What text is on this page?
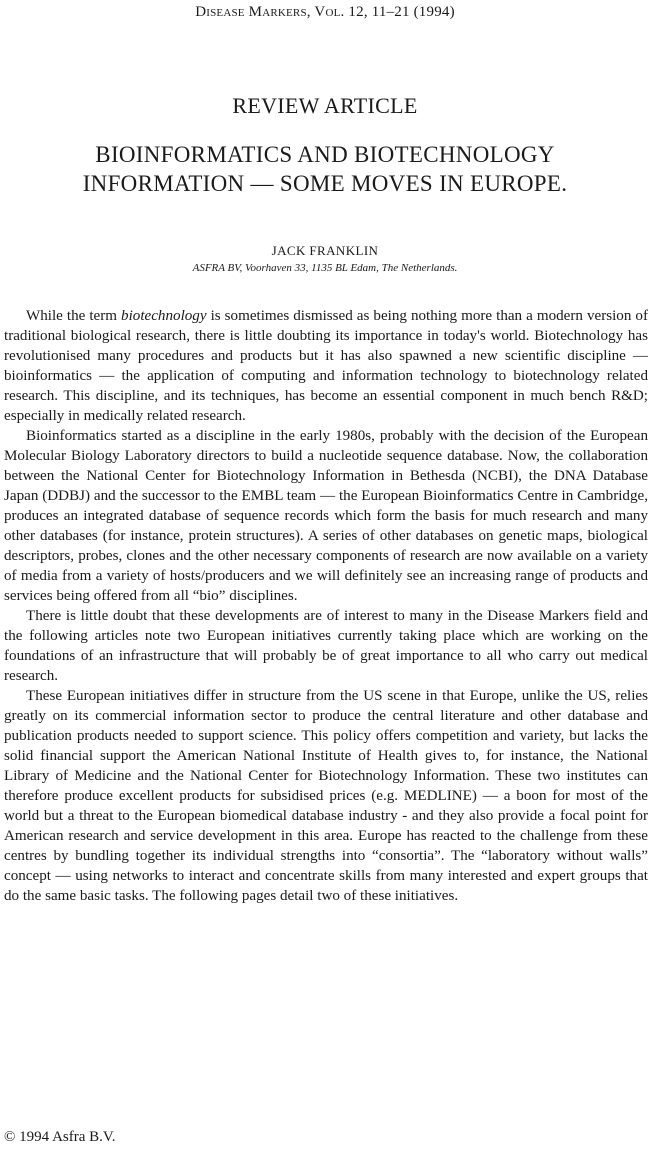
Disease Markers, Vol. 12, 11–21 (1994)
REVIEW ARTICLE
BIOINFORMATICS AND BIOTECHNOLOGY
INFORMATION — SOME MOVES IN EUROPE.
JACK FRANKLIN
ASFRA BV, Voorhaven 33, 1135 BL Edam, The Netherlands.

While the term biotechnology is sometimes dismissed as being nothing more than a modern version of traditional biological research, there is little doubting its importance in today's world. Biotechnology has revolutionised many procedures and products but it has also spawned a new scientific discipline — bioinformatics — the application of computing and information technology to biotechnology related research. This discipline, and its techniques, has become an essential component in much bench R&D; especially in medically related research.

Bioinformatics started as a discipline in the early 1980s, probably with the decision of the European Molecular Biology Laboratory directors to build a nucleotide sequence database. Now, the collaboration between the National Center for Biotechnology Information in Bethesda (NCBI), the DNA Database Japan (DDBJ) and the successor to the EMBL team — the European Bioinformatics Centre in Cambridge, produces an integrated database of sequence records which form the basis for much research and many other databases (for instance, protein structures). A series of other databases on genetic maps, biological descriptors, probes, clones and the other necessary components of research are now available on a variety of media from a variety of hosts/producers and we will definitely see an increasing range of products and services being offered from all “bio” disciplines.

There is little doubt that these developments are of interest to many in the Disease Markers field and the following articles note two European initiatives currently taking place which are working on the foundations of an infrastructure that will probably be of great importance to all who carry out medical research.

These European initiatives differ in structure from the US scene in that Europe, unlike the US, relies greatly on its commercial information sector to produce the central literature and other database and publication products needed to support science. This policy offers competition and variety, but lacks the solid financial support the American National Institute of Health gives to, for instance, the National Library of Medicine and the National Center for Biotechnology Information. These two institutes can therefore produce excellent products for subsidised prices (e.g. MEDLINE) — a boon for most of the world but a threat to the European biomedical database industry - and they also provide a focal point for American research and service development in this area. Europe has reacted to the challenge from these centres by bundling together its individual strengths into “consortia”. The “laboratory without walls” concept — using networks to interact and concentrate skills from many interested and expert groups that do the same basic tasks. The following pages detail two of these initiatives.

© 1994 Asfra B.V.
